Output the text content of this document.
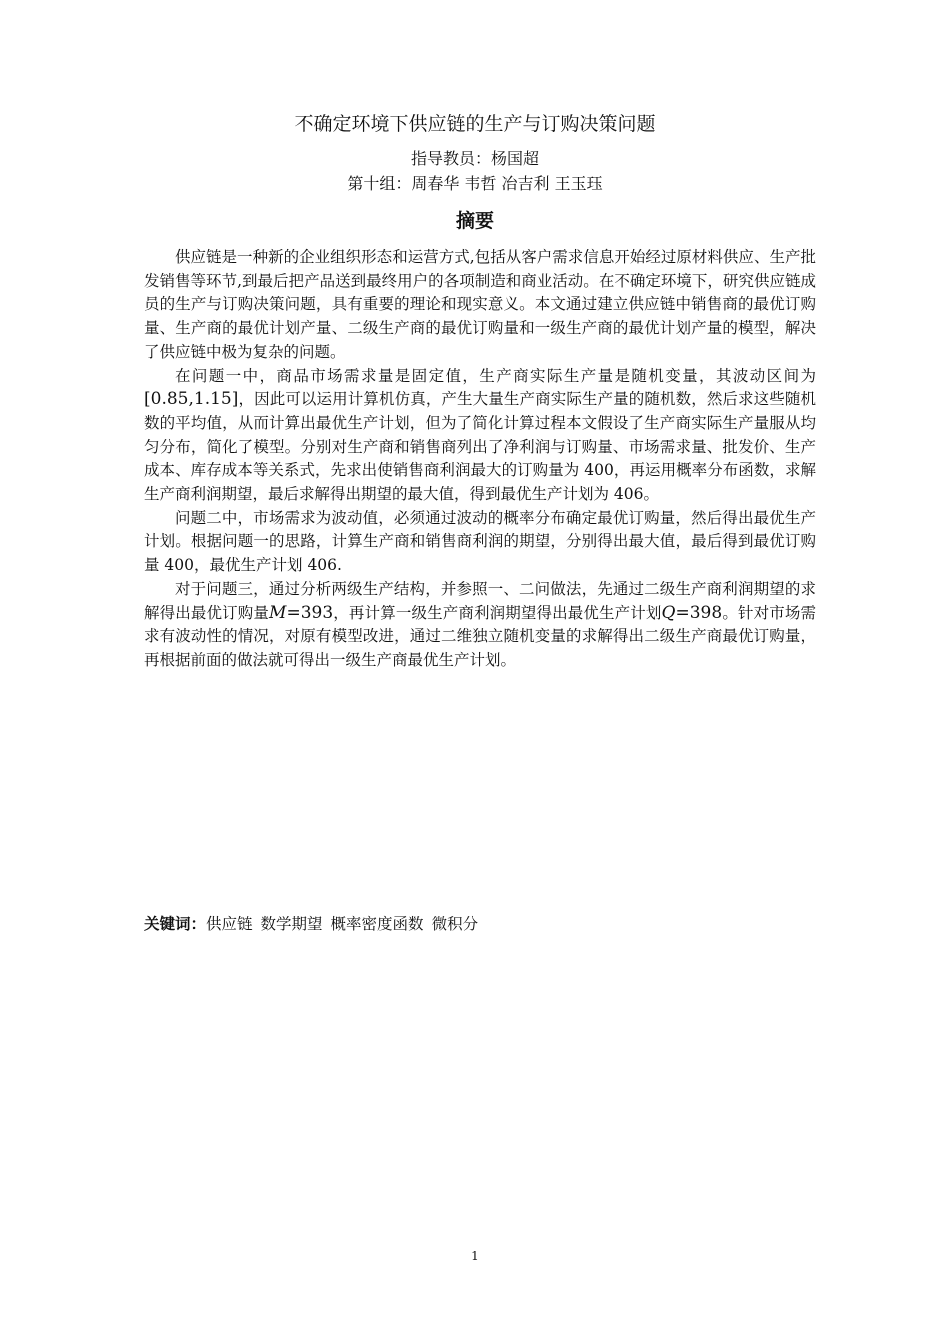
不确定环境下供应链的生产与订购决策问题
指导教员：杨国超
第十组：周春华 韦哲 冶吉利 王玉珏
摘要

供应链是一种新的企业组织形态和运营方式,包括从客户需求信息开始经过原材料供应、生产批发销售等环节,到最后把产品送到最终用户的各项制造和商业活动。在不确定环境下，研究供应链成员的生产与订购决策问题，具有重要的理论和现实意义。本文通过建立供应链中销售商的最优订购量、生产商的最优计划产量、二级生产商的最优订购量和一级生产商的最优计划产量的模型，解决了供应链中极为复杂的问题。

在问题一中，商品市场需求量是固定值，生产商实际生产量是随机变量，其波动区间为[0.85,1.15]，因此可以运用计算机仿真，产生大量生产商实际生产量的随机数，然后求这些随机数的平均值，从而计算出最优生产计划，但为了简化计算过程本文假设了生产商实际生产量服从均匀分布，简化了模型。分别对生产商和销售商列出了净利润与订购量、市场需求量、批发价、生产成本、库存成本等关系式，先求出使销售商利润最大的订购量为 400，再运用概率分布函数，求解生产商利润期望，最后求解得出期望的最大值，得到最优生产计划为 406。

问题二中，市场需求为波动值，必须通过波动的概率分布确定最优订购量，然后得出最优生产计划。根据问题一的思路，计算生产商和销售商利润的期望，分别得出最大值，最后得到最优订购量 400，最优生产计划 406.

对于问题三，通过分析两级生产结构，并参照一、二问做法，先通过二级生产商利润期望的求解得出最优订购量M=393，再计算一级生产商利润期望得出最优生产计划Q=398。针对市场需求有波动性的情况，对原有模型改进，通过二维独立随机变量的求解得出二级生产商最优订购量，再根据前面的做法就可得出一级生产商最优生产计划。

关键词：供应链 数学期望 概率密度函数 微积分
1
